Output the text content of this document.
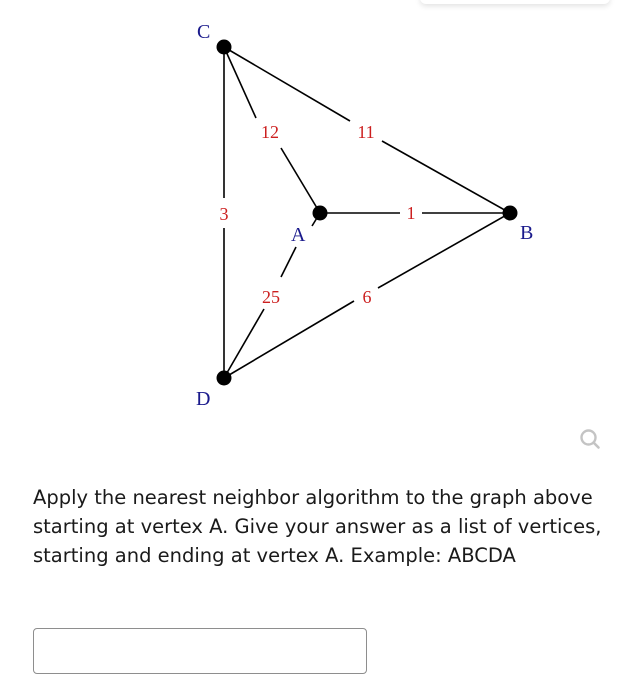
C
A	B
D
12	11
3	1
25	6

Apply the nearest neighbor algorithm to the graph above starting at vertex A. Give your answer as a list of vertices, starting and ending at vertex A. Example: ABCDA
